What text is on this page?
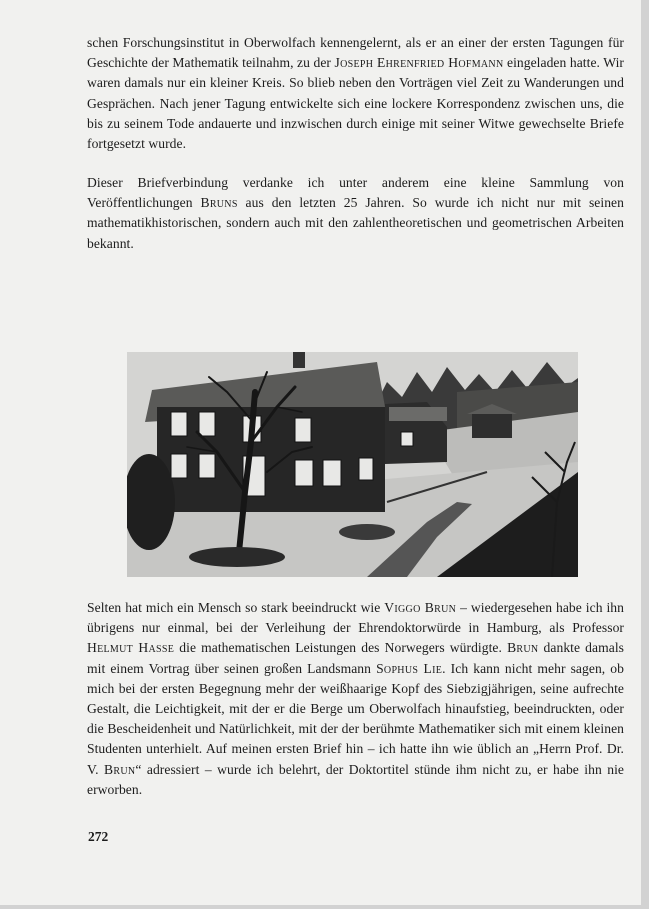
schen Forschungsinstitut in Oberwolfach kennengelernt, als er an einer der ersten Tagungen für Geschichte der Mathematik teilnahm, zu der Joseph Ehrenfried Hofmann eingeladen hatte. Wir waren damals nur ein kleiner Kreis. So blieb neben den Vorträgen viel Zeit zu Wanderungen und Gesprächen. Nach jener Tagung entwickelte sich eine lockere Korrespondenz zwischen uns, die bis zu seinem Tode andauerte und inzwischen durch einige mit seiner Witwe gewechselte Briefe fortgesetzt wurde.

Dieser Briefverbindung verdanke ich unter anderem eine kleine Sammlung von Veröffentlichungen Bruns aus den letzten 25 Jahren. So wurde ich nicht nur mit seinen mathematikhistorischen, sondern auch mit den zahlentheoretischen und geometrischen Arbeiten bekannt.

Selten hat mich ein Mensch so stark beeindruckt wie Viggo Brun – wiedergesehen habe ich ihn übrigens nur einmal, bei der Verleihung der Ehrendoktorwürde in Hamburg, als Professor Helmut Hasse die mathematischen Leistungen des Norwegers würdigte. Brun dankte damals mit einem Vortrag über seinen großen Landsmann Sophus Lie. Ich kann nicht mehr sagen, ob mich bei der ersten Begegnung mehr der weißhaarige Kopf des Siebzigjährigen, seine aufrechte Gestalt, die Leichtigkeit, mit der er die Berge um Oberwolfach hinaufstieg, beeindruckten, oder die Bescheidenheit und Natürlichkeit, mit der der berühmte Mathematiker sich mit einem kleinen Studenten unterhielt. Auf meinen ersten Brief hin – ich hatte ihn wie üblich an „Herrn Prof. Dr. V. Brun“ adressiert – wurde ich belehrt, der Doktortitel stünde ihm nicht zu, er habe ihn nie erworben.

272
